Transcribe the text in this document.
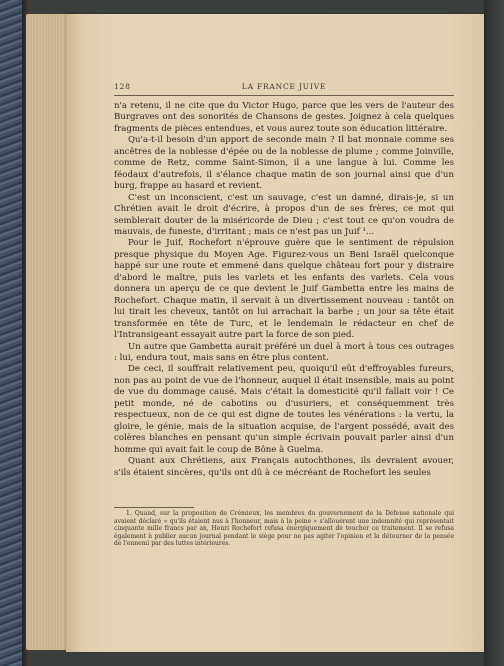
128	LA FRANCE JUIVE

n'a retenu, il ne cite que du Victor Hugo, parce que les vers de l'auteur des Burgraves ont des sonorités de Chansons de gestes. Joignez à cela quelques fragments de pièces entendues, et vous aurez toute son éducation littéraire.

Qu'a-t-il besoin d'un apport de seconde main ? Il bat monnaie comme ses ancêtres de la noblesse d'épée ou de la noblesse de plume ; comme Joinville, comme de Retz, comme Saint-Simon, il a une langue à lui. Comme les féodaux d'autrefois, il s'élance chaque matin de son journal ainsi que d'un burg, frappe au hasard et revient.

C'est un inconscient, c'est un sauvage, c'est un damné, dirais-je, si un Chrétien avait le droit d'écrire, à propos d'un de ses frères, ce mot qui semblerait douter de la miséricorde de Dieu ; c'est tout ce qu'on voudra de mauvais, de funeste, d'irritant ; mais ce n'est pas un Juif ¹...

Pour le Juif, Rochefort n'éprouve guère que le sentiment de répulsion presque physique du Moyen Age. Figurez-vous un Beni Israël quelconque happé sur une route et emmené dans quelque château fort pour y distraire d'abord le maître, puis les varlets et les enfants des varlets. Cela vous donnera un aperçu de ce que devient le Juif Gambetta entre les mains de Rochefort. Chaque matin, il servait à un divertissement nouveau : tantôt on lui tirait les cheveux, tantôt on lui arrachait la barbe ; un jour sa tête était transformée en tête de Turc, et le lendemain le rédacteur en chef de l'Intransigeant essayait autre part la force de son pied.

Un autre que Gambetta aurait préféré un duel à mort à tous ces outrages : lui, endura tout, mais sans en être plus content.

De ceci, il souffrait relativement peu, quoiqu'il eût d'effroyables fureurs, non pas au point de vue de l'honneur, auquel il était insensible, mais au point de vue du dommage causé. Mais c'était la domesticité qu'il fallait voir ! Ce petit monde, né de cabotins ou d'usuriers, et conséquemment très respectueux, non de ce qui est digne de toutes les vénérations : la vertu, la gloire, le génie, mais de la situation acquise, de l'argent possédé, avait des colères blanches en pensant qu'un simple écrivain pouvait parler ainsi d'un homme qui avait fait le coup de Bône à Guelma.

Quant aux Chrétiens, aux Français autochthones, ils devraient avouer, s'ils étaient sincères, qu'ils ont dû à ce mécréant de Rochefort les seules

1. Quand, sur la proposition de Crémieux, les membres du gouvernement de la Défense nationale qui avaient déclaré « qu'ils étaient nus à l'honneur, mais à la peine » s'allouèrent une indemnité qui représentait cinquante mille francs par an, Henri Rochefort refusa énergiquement de toucher ce traitement. Il se refusa également à publier aucun journal pendant le siège pour ne pas agiter l'opinion et la détourner de la pensée de l'ennemi par des luttes intérieures.
